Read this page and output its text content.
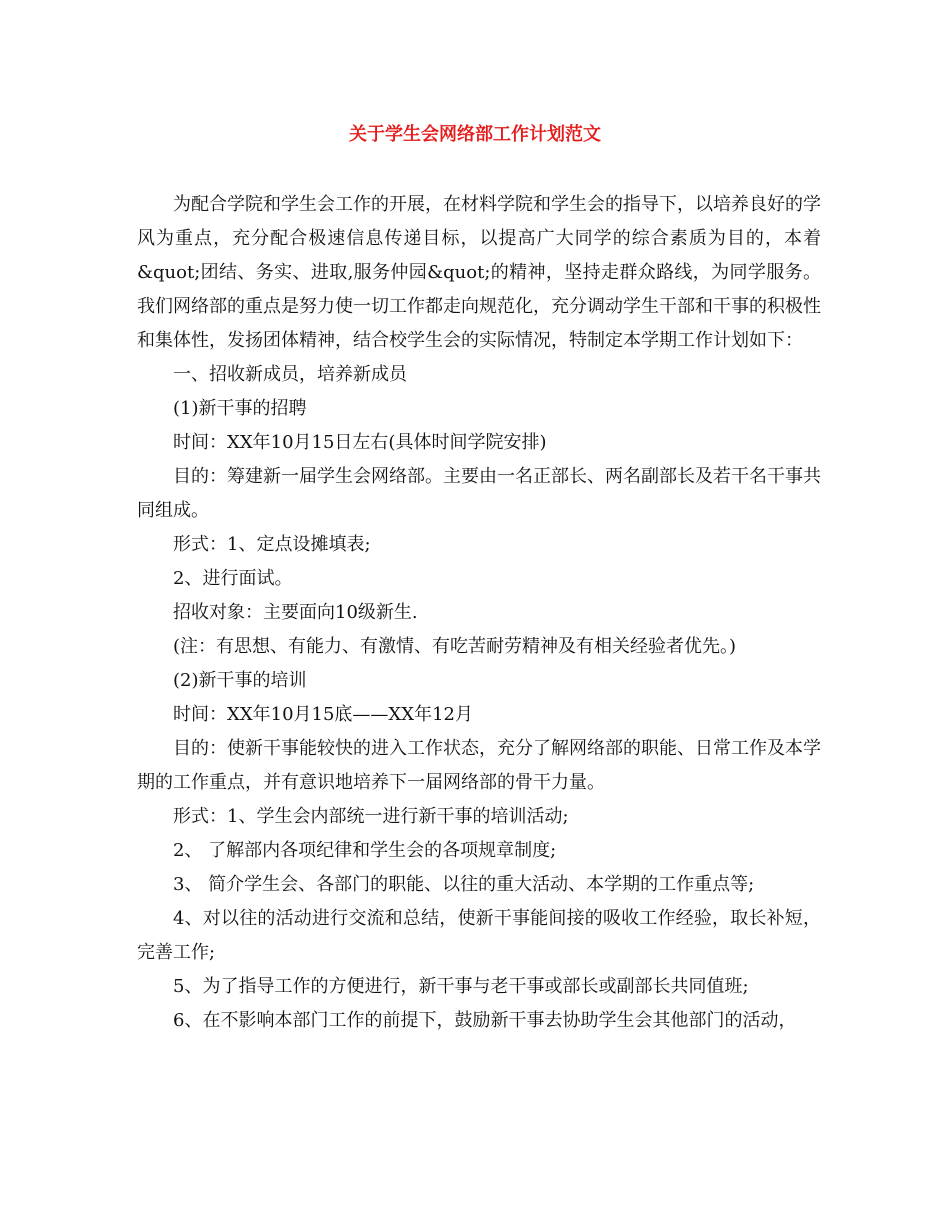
关于学生会网络部工作计划范文

为配合学院和学生会工作的开展，在材料学院和学生会的指导下，以培养良好的学风为重点，充分配合极速信息传递目标，以提高广大同学的综合素质为目的，本着&quot;团结、务实、进取,服务仲园&quot;的精神，坚持走群众路线，为同学服务。我们网络部的重点是努力使一切工作都走向规范化，充分调动学生干部和干事的积极性和集体性，发扬团体精神，结合校学生会的实际情况，特制定本学期工作计划如下：

一、招收新成员，培养新成员

(1)新干事的招聘

时间：XX年10月15日左右(具体时间学院安排)

目的：筹建新一届学生会网络部。主要由一名正部长、两名副部长及若干名干事共同组成。

形式：1、定点设摊填表;

2、进行面试。

招收对象：主要面向10级新生.

(注：有思想、有能力、有激情、有吃苦耐劳精神及有相关经验者优先。)

(2)新干事的培训

时间：XX年10月15底——XX年12月

目的：使新干事能较快的进入工作状态，充分了解网络部的职能、日常工作及本学期的工作重点，并有意识地培养下一届网络部的骨干力量。

形式：1、学生会内部统一进行新干事的培训活动;

2、 了解部内各项纪律和学生会的各项规章制度;

3、 简介学生会、各部门的职能、以往的重大活动、本学期的工作重点等;

4、对以往的活动进行交流和总结，使新干事能间接的吸收工作经验，取长补短，完善工作;

5、为了指导工作的方便进行，新干事与老干事或部长或副部长共同值班;

6、在不影响本部门工作的前提下，鼓励新干事去协助学生会其他部门的活动，
